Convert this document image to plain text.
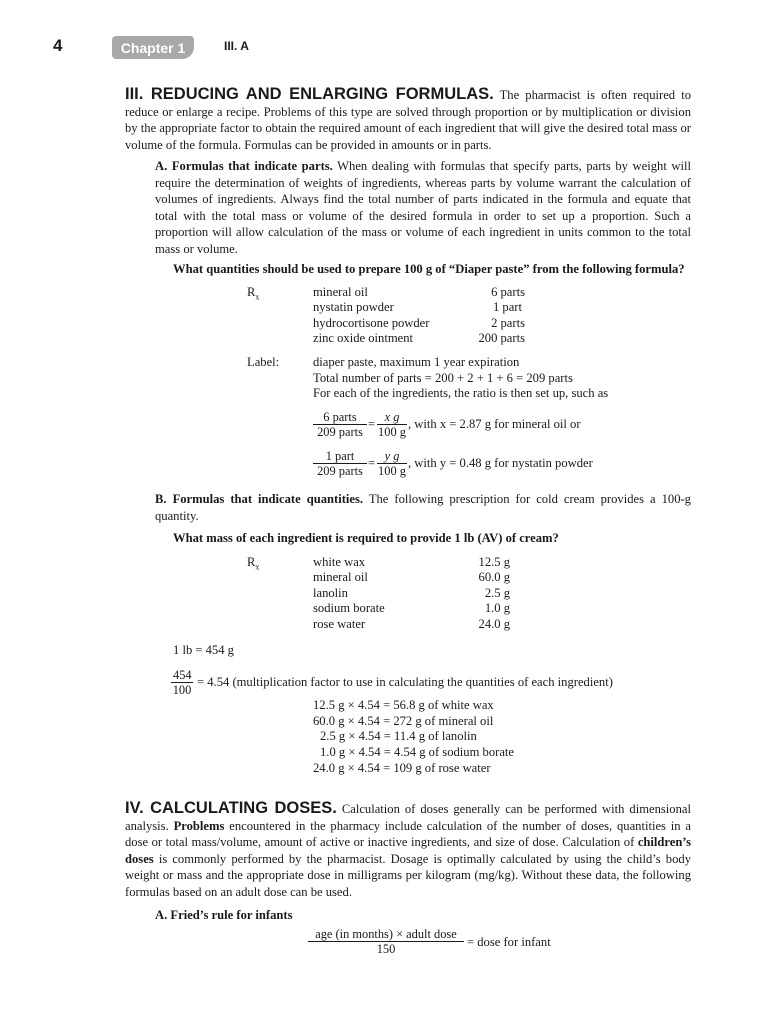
4	Chapter 1	III. A
III. REDUCING AND ENLARGING FORMULAS. The pharmacist is often required to reduce or enlarge a recipe. Problems of this type are solved through proportion or by multiplication or division by the appropriate factor to obtain the required amount of each ingredient that will give the desired total mass or volume of the formula. Formulas can be provided in amounts or in parts.
A. Formulas that indicate parts. When dealing with formulas that specify parts, parts by weight will require the determination of weights of ingredients, whereas parts by volume warrant the calculation of volumes of ingredients. Always find the total number of parts indicated in the formula and equate that total with the total mass or volume of the desired formula in order to set up a proportion. Such a proportion will allow calculation of the mass or volume of each ingredient in units common to the total mass or volume.
What quantities should be used to prepare 100 g of “Diaper paste” from the following formula?
$R_x$	mineral oil	6 parts
nystatin powder	1 part
hydrocortisone powder	2 parts
zinc oxide ointment	200 parts
Label:	diaper paste, maximum 1 year expiration
Total number of parts = 200 + 2 + 1 + 6 = 209 parts
For each of the ingredients, the ratio is then set up, such as
6 parts
209 parts
= $\frac{\text{x g}}{100 g}$ , with x = 2.87 g for mineral oil or
1 part
209 parts
= $\frac{\text{y g}}{100 g}$ , with y = 0.48 g for nystatin powder
B. Formulas that indicate quantities. The following prescription for cold cream provides a 100-g quantity.
What mass of each ingredient is required to provide 1 lb (AV) of cream?
$R_x$	white wax	12.5 g
mineral oil	60.0 g
lanolin	2.5 g
sodium borate	1.0 g
rose water	24.0 g
1 lb = 454 g
$\frac{454}{100} = 4.54$ (multiplication factor to use in calculating the quantities of each ingredient)
12.5 g × 4.54 = 56.8 g of white wax
60.0 g × 4.54 = 272 g of mineral oil
2.5 g × 4.54 = 11.4 g of lanolin
1.0 g × 4.54 = 4.54 g of sodium borate
24.0 g × 4.54 = 109 g of rose water
IV. CALCULATING DOSES. Calculation of doses generally can be performed with dimensional analysis. Problems encountered in the pharmacy include calculation of the number of doses, quantities in a dose or total mass/volume, amount of active or inactive ingredients, and size of dose. Calculation of children’s doses is commonly performed by the pharmacist. Dosage is optimally calculated by using the child’s body weight or mass and the appropriate dose in milligrams per kilogram (mg/kg). Without these data, the following formulas based on an adult dose can be used.
A. Fried’s rule for infants
age (in months) × adult dose
150	= dose for infant
